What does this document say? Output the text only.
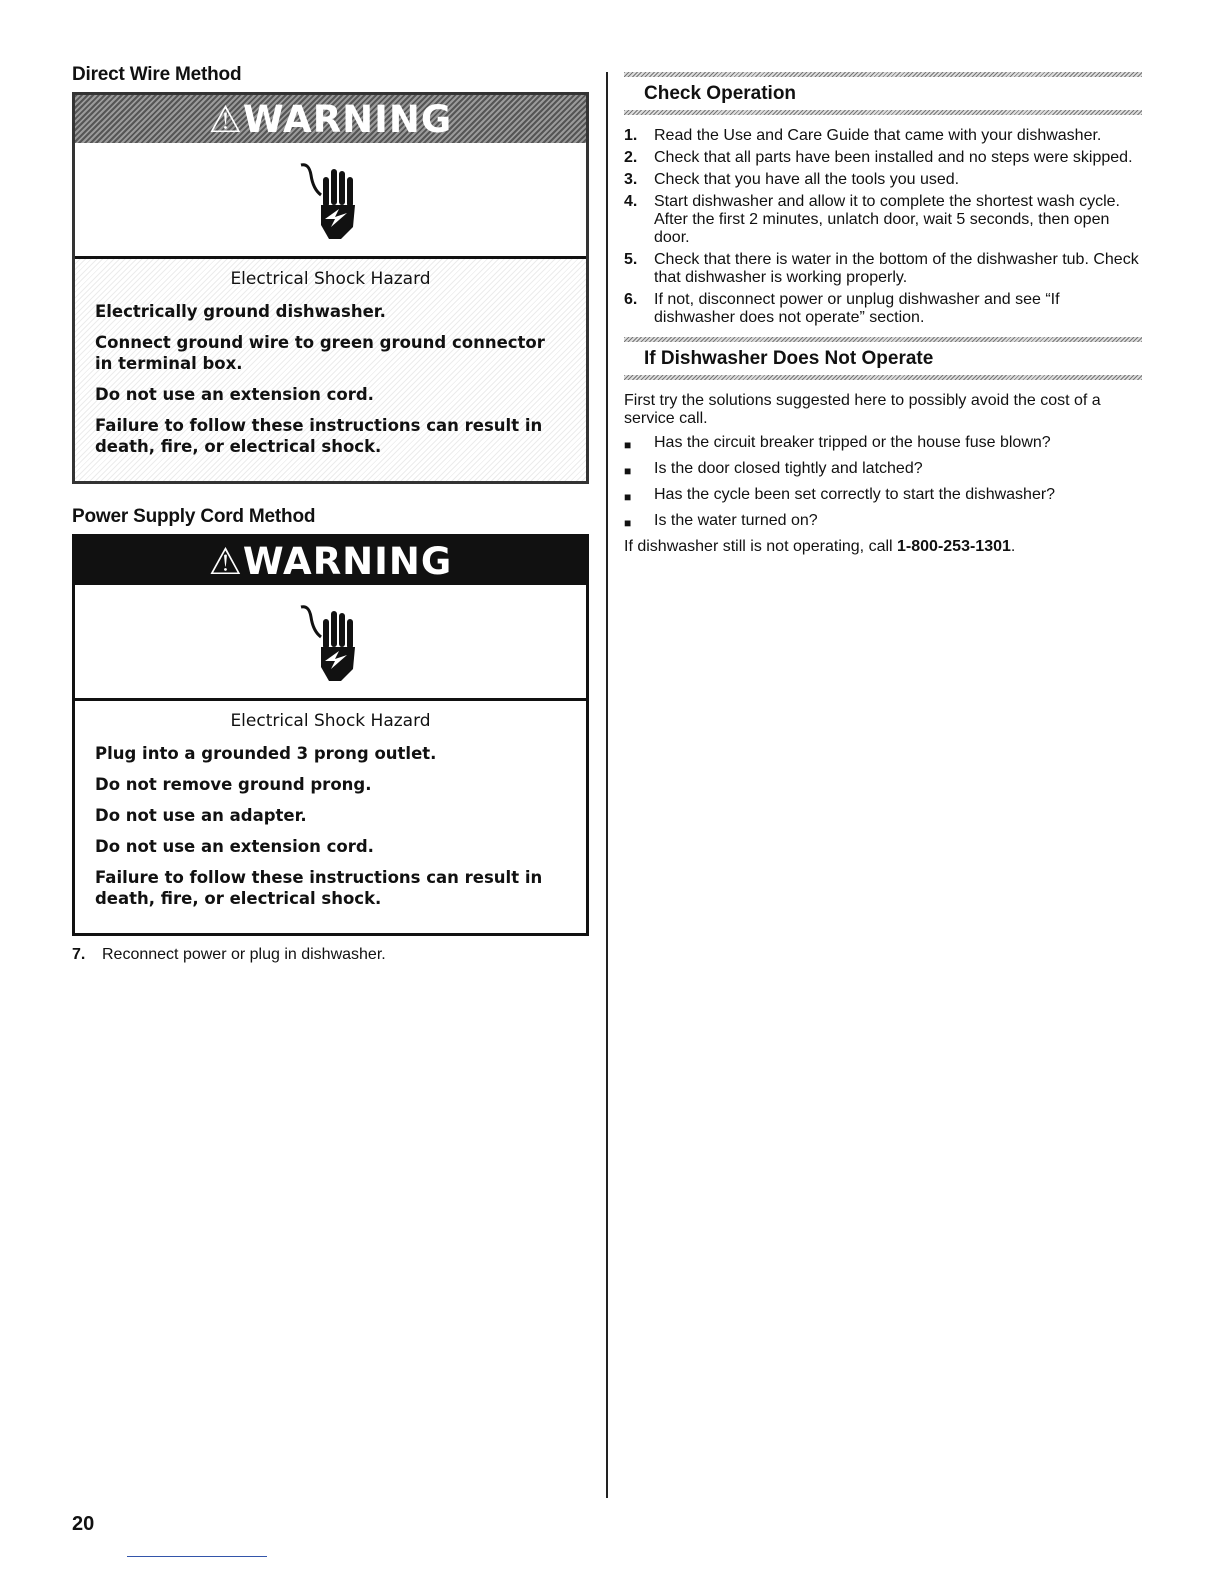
Direct Wire Method
⚠WARNING
Electrical Shock Hazard
Electrically ground dishwasher.
Connect ground wire to green ground connector in terminal box.
Do not use an extension cord.
Failure to follow these instructions can result in death, fire, or electrical shock.
Power Supply Cord Method
⚠WARNING
Electrical Shock Hazard
Plug into a grounded 3 prong outlet.
Do not remove ground prong.
Do not use an adapter.
Do not use an extension cord.
Failure to follow these instructions can result in death, fire, or electrical shock.
7.	Reconnect power or plug in dishwasher.
Check Operation
1.	Read the Use and Care Guide that came with your dishwasher.
2.	Check that all parts have been installed and no steps were skipped.
3.	Check that you have all the tools you used.
4.	Start dishwasher and allow it to complete the shortest wash cycle. After the first 2 minutes, unlatch door, wait 5 seconds, then open door.
5.	Check that there is water in the bottom of the dishwasher tub. Check that dishwasher is working properly.
6.	If not, disconnect power or unplug dishwasher and see “If dishwasher does not operate” section.
If Dishwasher Does Not Operate
First try the solutions suggested here to possibly avoid the cost of a service call.
■	Has the circuit breaker tripped or the house fuse blown?
■	Is the door closed tightly and latched?
■	Has the cycle been set correctly to start the dishwasher?
■	Is the water turned on?
If dishwasher still is not operating, call 1-800-253-1301.
20
